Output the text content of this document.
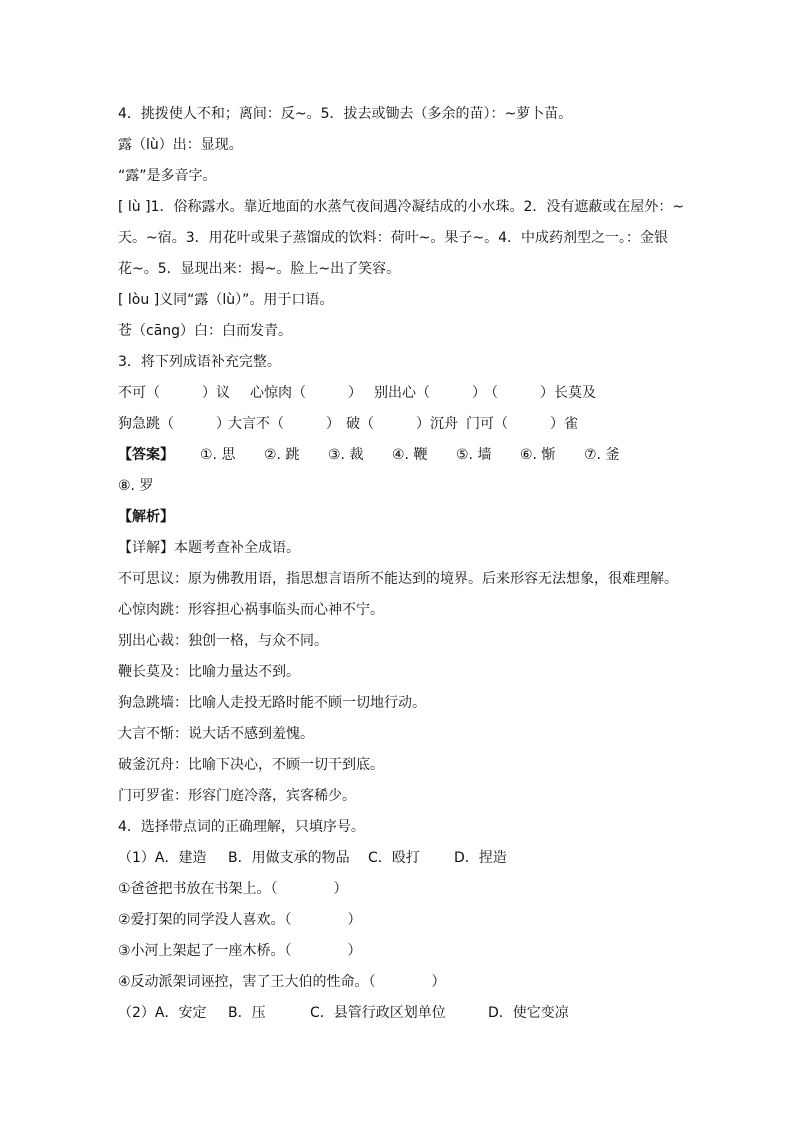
4．挑拨使人不和；离间：反~。5．拔去或锄去（多余的苗）：~萝卜苗。
露（lù）出：显现。
“露”是多音字。
[ lù ]1．俗称露水。靠近地面的水蒸气夜间遇冷凝结成的小水珠。2．没有遮蔽或在屋外：~
天。~宿。3．用花叶或果子蒸馏成的饮料：荷叶~。果子~。4．中成药剂型之一。：金银
花~。5．显现出来：揭~。脸上~出了笑容。
[ lòu ]义同“露（lù）”。用于口语。
苍（cāng）白：白而发青。
3．将下列成语补充完整。
不可（　　　）议 心惊肉（　　　） 别出心（　　　）（　　　）长莫及
狗急跳（　　　）大言不（　　　） 破（　　　）沉舟 门可（　　　）雀
【答案】 ①. 思 ②. 跳 ③. 裁 ④. 鞭 ⑤. 墙 ⑥. 惭 ⑦. 釜
⑧. 罗
【解析】
【详解】本题考查补全成语。
不可思议：原为佛教用语，指思想言语所不能达到的境界。后来形容无法想象，很难理解。
心惊肉跳：形容担心祸事临头而心神不宁。
别出心裁：独创一格，与众不同。
鞭长莫及：比喻力量达不到。
狗急跳墙：比喻人走投无路时能不顾一切地行动。
大言不惭：说大话不感到羞愧。
破釜沉舟：比喻下决心，不顾一切干到底。
门可罗雀：形容门庭冷落，宾客稀少。
4．选择带点词的正确理解，只填序号。
（1）A．建造 B．用做支承的物品 C．殴打 D．捏造
①爸爸把书放在书架上。（　　　　）
②爱打架的同学没人喜欢。（　　　　）
③小河上架起了一座木桥。（　　　　）
④反动派架词诬控，害了王大伯的性命。（　　　　）
（2）A．安定 B．压	C．县管行政区划单位	D．使它变凉
